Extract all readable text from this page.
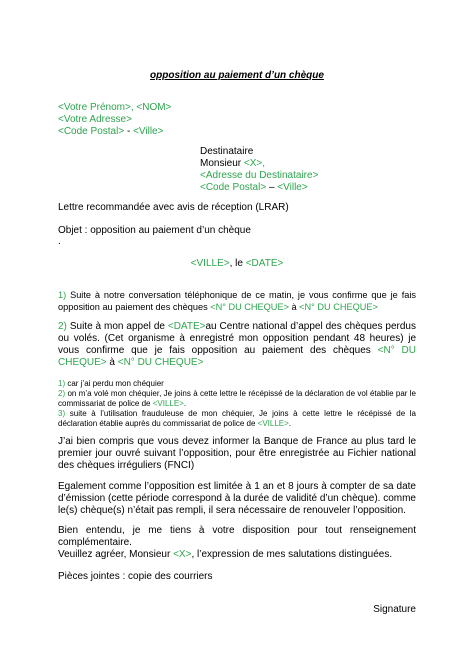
opposition au paiement d’un chèque
<Votre Prénom>, <NOM>
<Votre Adresse>
<Code Postal> - <Ville>
Destinataire
Monsieur <X>,
<Adresse du Destinataire>
<Code Postal> – <Ville>
Lettre recommandée avec avis de réception (LRAR)
Objet : opposition au paiement d’un chèque
.
<VILLE>, le <DATE>
1) Suite à notre conversation téléphonique de ce matin, je vous confirme que je fais opposition au paiement des chèques <N° DU CHEQUE> à <N° DU CHEQUE>
2) Suite à mon appel de <DATE>au Centre national d’appel des chèques perdus ou volés. (Cet organisme à enregistré mon opposition pendant 48 heures) je vous confirme que je fais opposition au paiement des chèques <N° DU CHEQUE> à <N° DU CHEQUE>
1) car j’ai perdu mon chéquier
2) on m’a volé mon chéquier, Je joins à cette lettre le récépissé de la déclaration de vol établie par le commissariat de police de <VILLE>.
3) suite à l’utilisation frauduleuse de mon chéquier, Je joins à cette lettre le récépissé de la déclaration établie auprès du commissariat de police de <VILLE>.
J’ai bien compris que vous devez informer la Banque de France au plus tard le premier jour ouvré suivant l’opposition, pour être enregistrée au Fichier national des chèques irréguliers (FNCI)
Egalement comme l’opposition est limitée à 1 an et 8 jours à compter de sa date d’émission (cette période correspond à la durée de validité d’un chèque). comme le(s) chèque(s) n’était pas rempli, il sera nécessaire de renouveler l’opposition.
Bien entendu, je me tiens à votre disposition pour tout renseignement complémentaire.
Veuillez agréer, Monsieur <X>, l’expression de mes salutations distinguées.
Pièces jointes : copie des courriers
Signature
